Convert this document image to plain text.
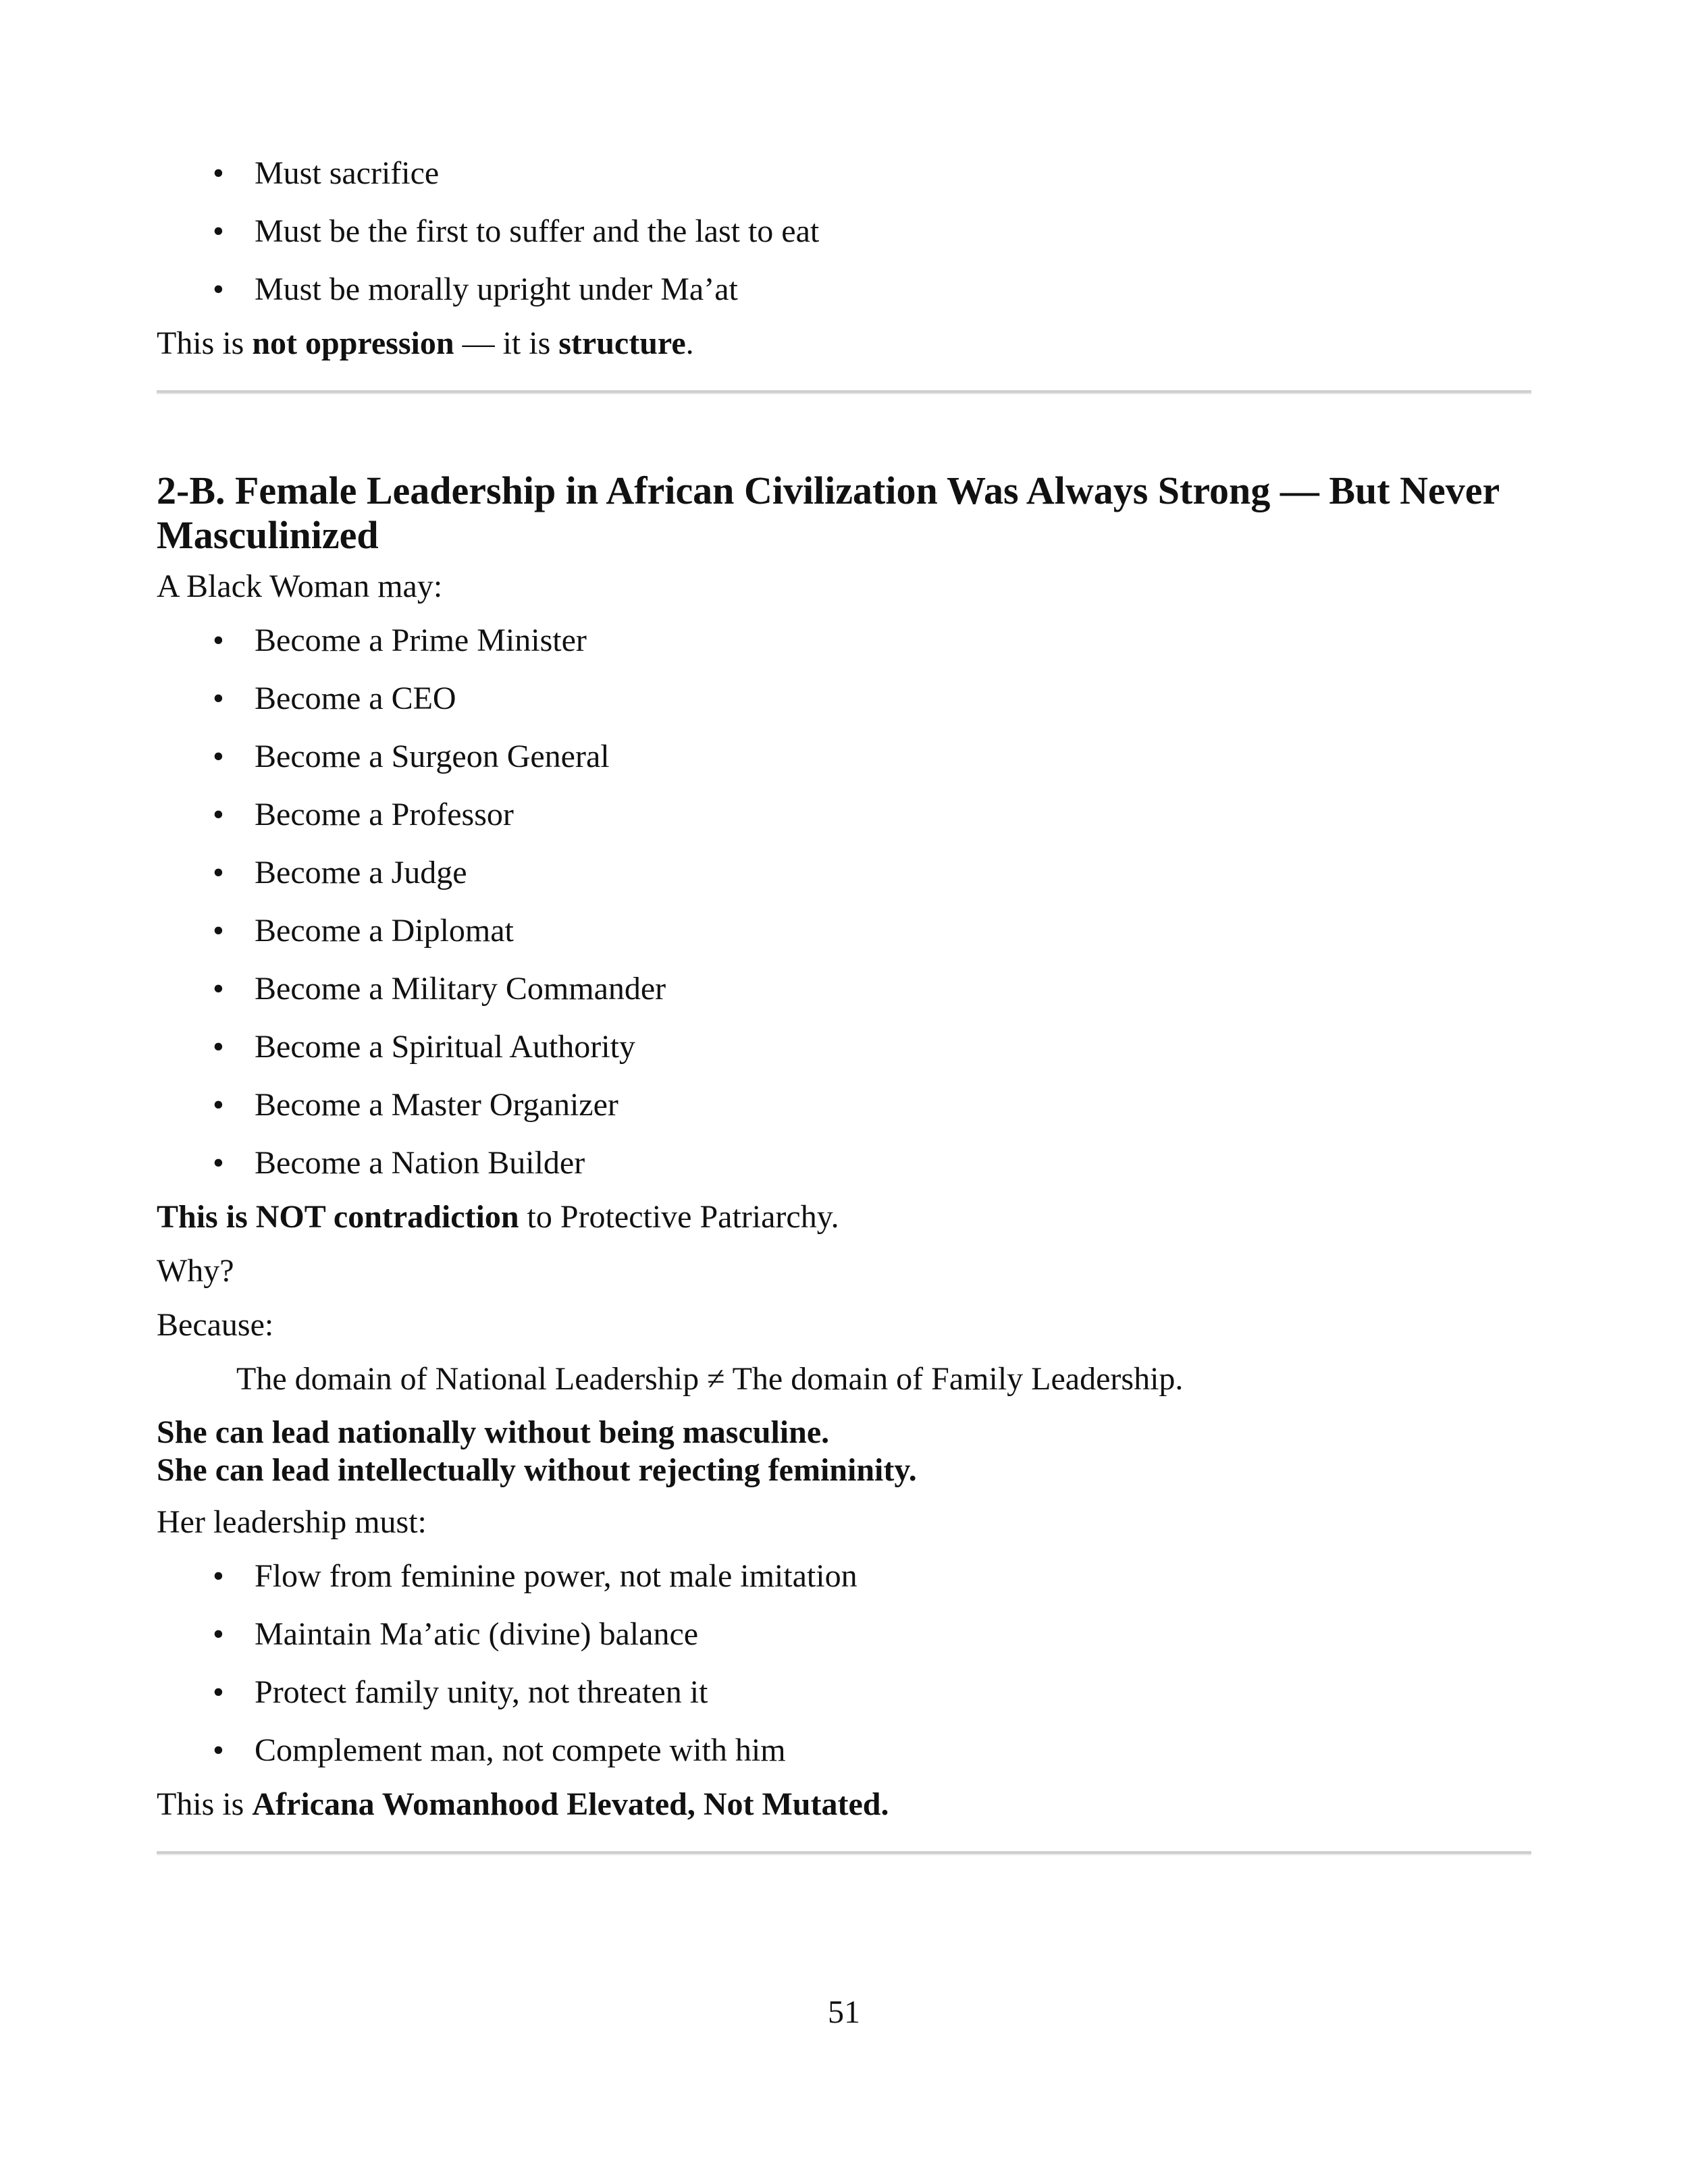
• Must sacrifice
• Must be the first to suffer and the last to eat
• Must be morally upright under Ma’at

This is not oppression — it is structure.

2-B. Female Leadership in African Civilization Was Always Strong — But Never Masculinized

A Black Woman may:

• Become a Prime Minister
• Become a CEO
• Become a Surgeon General
• Become a Professor
• Become a Judge
• Become a Diplomat
• Become a Military Commander
• Become a Spiritual Authority
• Become a Master Organizer
• Become a Nation Builder

This is NOT contradiction to Protective Patriarchy.

Why?

Because:

The domain of National Leadership ≠ The domain of Family Leadership.

She can lead nationally without being masculine.
She can lead intellectually without rejecting femininity.

Her leadership must:

• Flow from feminine power, not male imitation
• Maintain Ma’atic (divine) balance
• Protect family unity, not threaten it
• Complement man, not compete with him

This is Africana Womanhood Elevated, Not Mutated.

51
